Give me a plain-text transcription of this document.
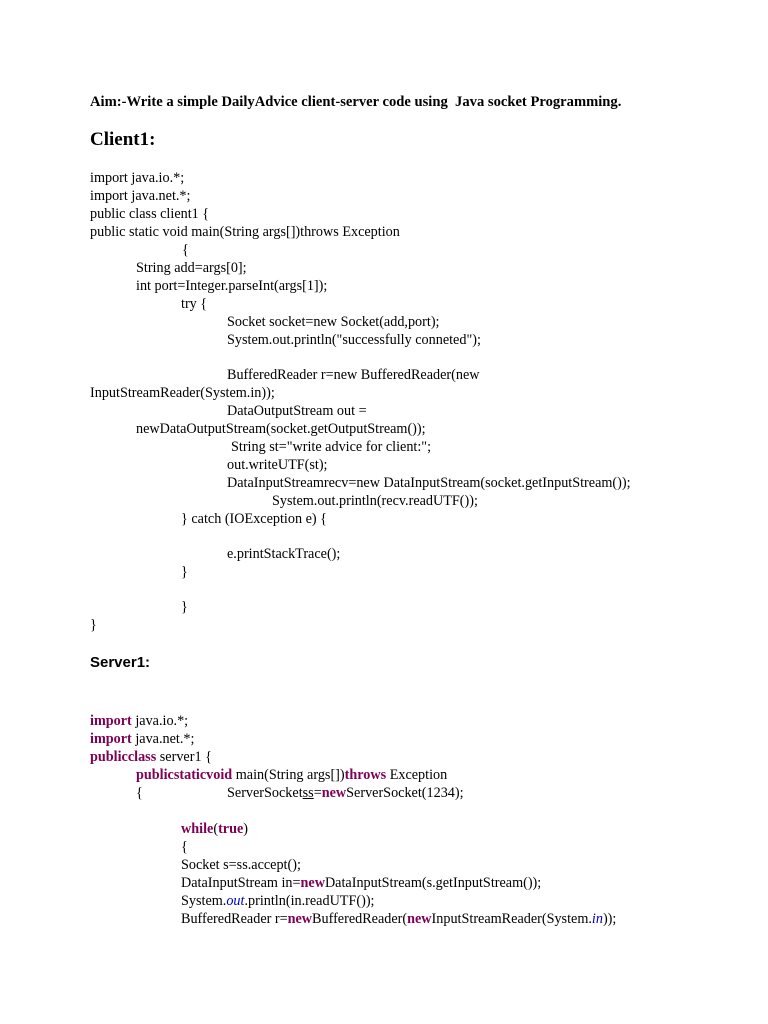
Aim:-Write a simple DailyAdvice client-server code using  Java socket Programming.
Client1:
import java.io.*;
import java.net.*;
public class client1 {
public static void main(String args[])throws Exception
{
String add=args[0];
int port=Integer.parseInt(args[1]);
try {
Socket socket=new Socket(add,port);
System.out.println("successfully conneted");
BufferedReader r=new BufferedReader(new
InputStreamReader(System.in));
DataOutputStream out =
newDataOutputStream(socket.getOutputStream());
String st="write advice for client:";
out.writeUTF(st);
DataInputStreamrecv=new DataInputStream(socket.getInputStream());
System.out.println(recv.readUTF());
} catch (IOException e) {
e.printStackTrace();
}
}
}
Server1:
import java.io.*;
import java.net.*;
publicclass server1 {
publicstaticvoid main(String args[])throws Exception
{	ServerSocketss=newServerSocket(1234);
while(true)
{
Socket s=ss.accept();
DataInputStream in=newDataInputStream(s.getInputStream());
System.out.println(in.readUTF());
BufferedReader r=newBufferedReader(newInputStreamReader(System.in));
